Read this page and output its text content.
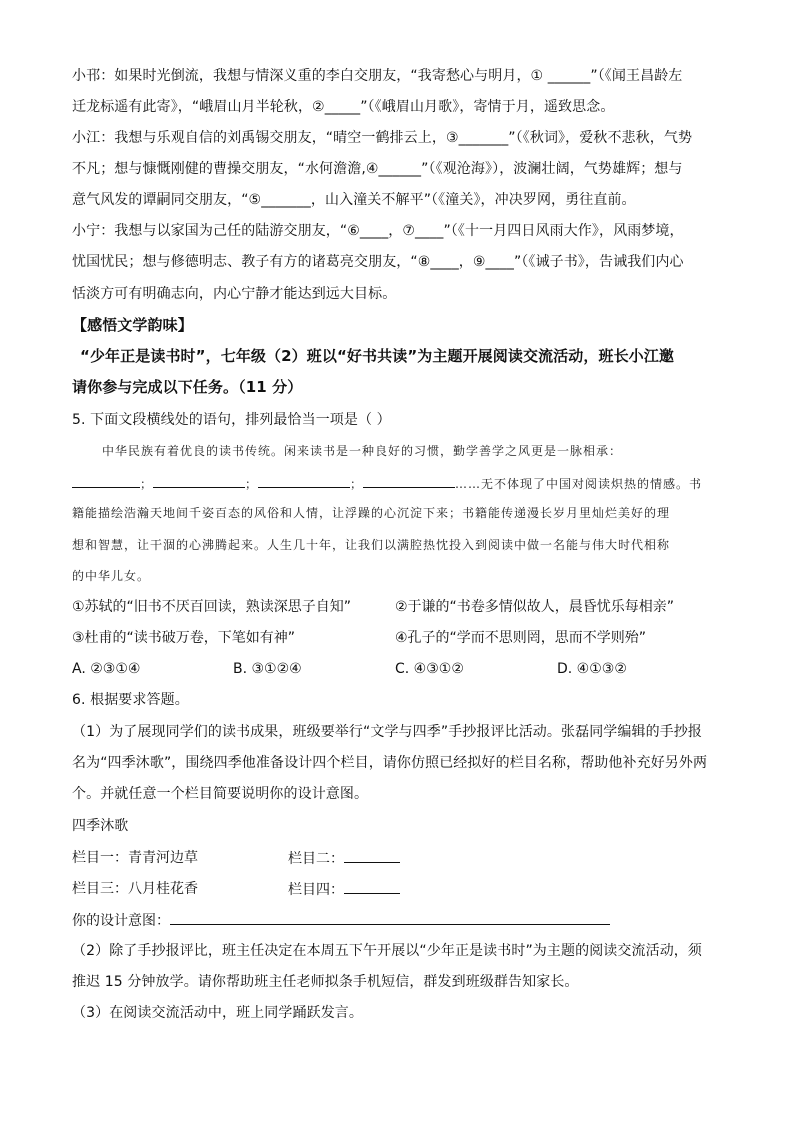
小邗：如果时光倒流，我想与情深义重的李白交朋友，“我寄愁心与明月，① ______”（《闻王昌龄左
迁龙标遥有此寄》，“峨眉山月半轮秋，②_____”（《峨眉山月歌》，寄情于月，遥致思念。
小江：我想与乐观自信的刘禹锡交朋友，“晴空一鹤排云上，③_______”（《秋词》，爱秋不悲秋，气势
不凡；想与慷慨刚健的曹操交朋友，“水何澹澹,④______”（《观沧海》），波澜壮阔，气势雄辉；想与
意气风发的谭嗣同交朋友，“⑤_______，山入潼关不解平”（《潼关》，冲决罗网，勇往直前。
小宁：我想与以家国为己任的陆游交朋友，“⑥____，⑦____”（《十一月四日风雨大作》，风雨梦境，
忧国忧民；想与修德明志、教子有方的诸葛亮交朋友，“⑧____，⑨____”（《诫子书》，告诫我们内心
恬淡方可有明确志向，内心宁静才能达到远大目标。
【感悟文学韵味】
“少年正是读书时”，七年级（2）班以“好书共读”为主题开展阅读交流活动，班长小江邀
请你参与完成以下任务。（11 分）
5. 下面文段横线处的语句，排列最恰当一项是（ ）
中华民族有着优良的读书传统。闲来读书是一种良好的习惯，勤学善学之风更是一脉相承：
；	；	；	……无不体现了中国对阅读炽热的情感。书
籍能描绘浩瀚天地间千姿百态的风俗和人情，让浮躁的心沉淀下来；书籍能传递漫长岁月里灿烂美好的理
想和智慧，让干涸的心沸腾起来。人生几十年，让我们以满腔热忱投入到阅读中做一名能与伟大时代相称
的中华儿女。
①苏轼的“旧书不厌百回读，熟读深思子自知”	②于谦的“书卷多情似故人，晨昏忧乐每相亲”
③杜甫的“读书破万卷，下笔如有神”	④孔子的“学而不思则罔，思而不学则殆”
A. ②③①④	B. ③①②④	C. ④③①②	D. ④①③②
6. 根据要求答题。
（1）为了展现同学们的读书成果，班级要举行“文学与四季”手抄报评比活动。张磊同学编辑的手抄报
名为“四季沐歌”，围绕四季他准备设计四个栏目，请你仿照已经拟好的栏目名称，帮助他补充好另外两
个。并就任意一个栏目简要说明你的设计意图。
四季沐歌
栏目一：青青河边草	栏目二：
栏目三：八月桂花香	栏目四：
你的设计意图：
（2）除了手抄报评比，班主任决定在本周五下午开展以“少年正是读书时”为主题的阅读交流活动，须
推迟 15 分钟放学。请你帮助班主任老师拟条手机短信，群发到班级群告知家长。
（3）在阅读交流活动中，班上同学踊跃发言。
